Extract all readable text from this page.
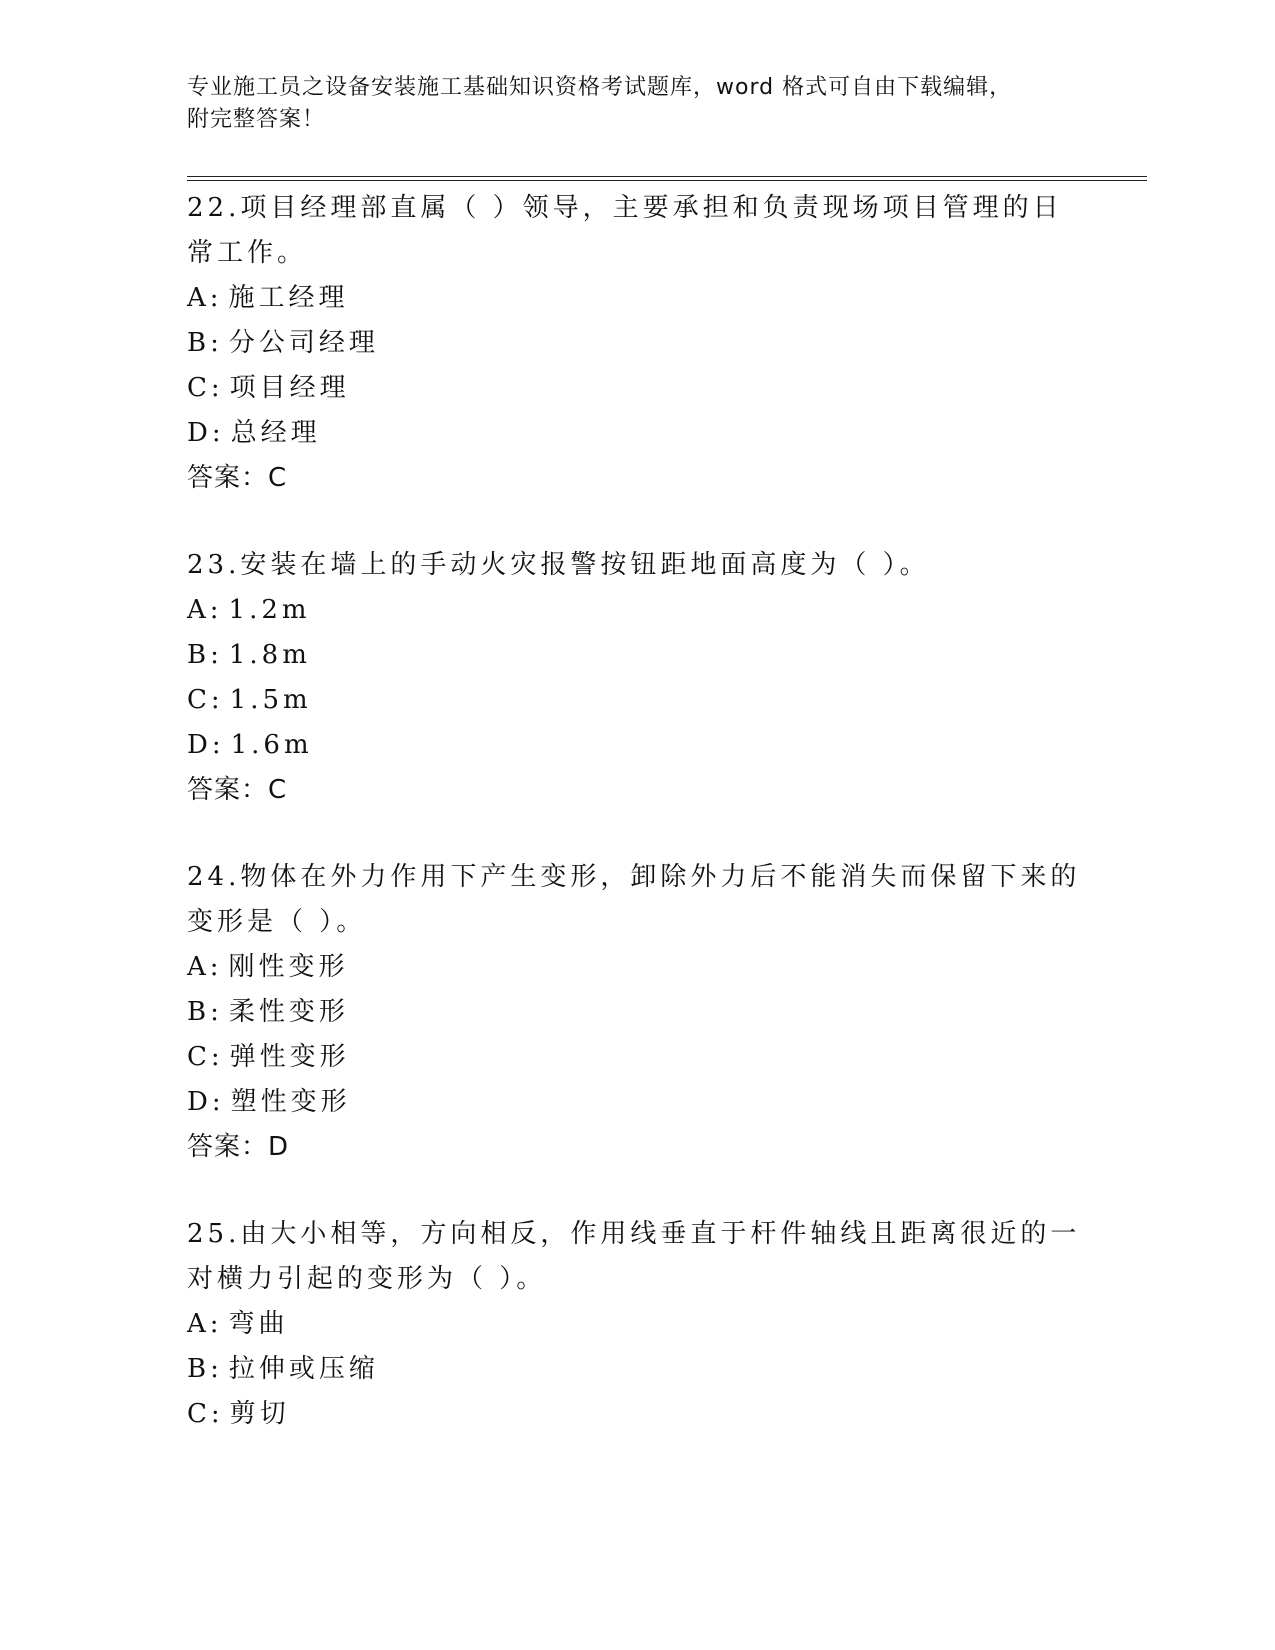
专业施工员之设备安装施工基础知识资格考试题库，word 格式可自由下载编辑，
附完整答案！

22.项目经理部直属（ ）领导，主要承担和负责现场项目管理的日常工作。

A: 施工经理

B: 分公司经理

C: 项目经理

D: 总经理

答案：C

23.安装在墙上的手动火灾报警按钮距地面高度为（ ）。

A: 1.2m

B: 1.8m

C: 1.5m

D: 1.6m

答案：C

24.物体在外力作用下产生变形，卸除外力后不能消失而保留下来的变形是（ ）。

A: 刚性变形

B: 柔性变形

C: 弹性变形

D: 塑性变形

答案：D

25.由大小相等，方向相反，作用线垂直于杆件轴线且距离很近的一对横力引起的变形为（ ）。

A: 弯曲

B: 拉伸或压缩

C: 剪切
